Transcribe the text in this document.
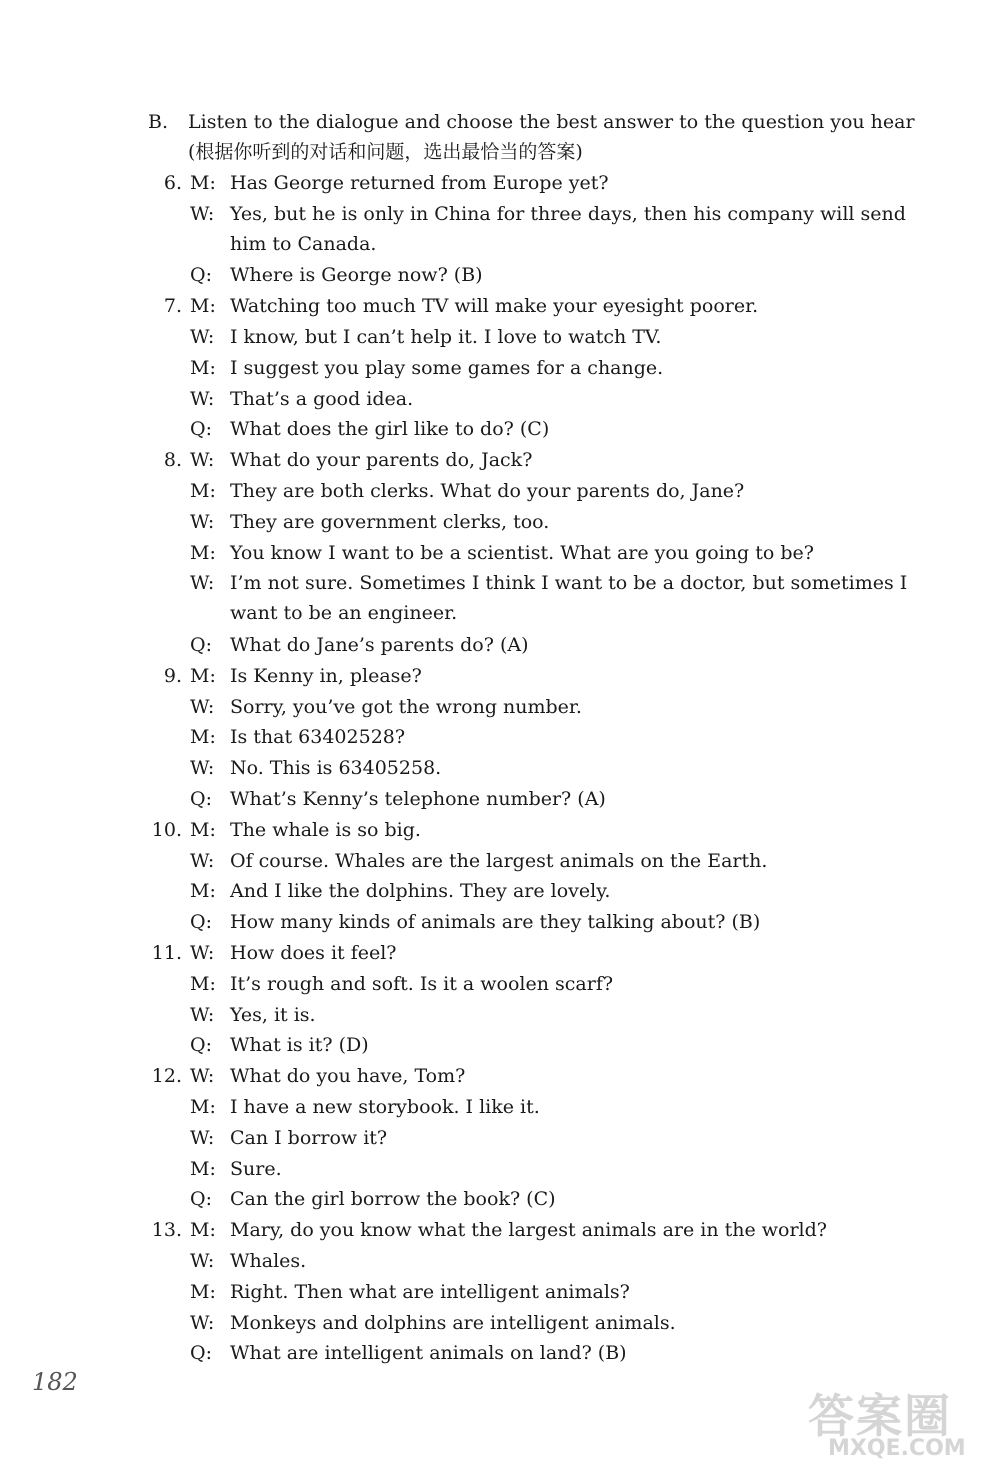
B.	Listen to the dialogue and choose the best answer to the question you hear (根据你听到的对话和问题，选出最恰当的答案)
6. M: Has George returned from Europe yet?
W: Yes, but he is only in China for three days, then his company will send him to Canada.
Q: Where is George now? (B)
7. M: Watching too much TV will make your eyesight poorer.
W: I know, but I can’t help it. I love to watch TV.
M: I suggest you play some games for a change.
W: That’s a good idea.
Q: What does the girl like to do? (C)
8. W: What do your parents do, Jack?
M: They are both clerks. What do your parents do, Jane?
W: They are government clerks, too.
M: You know I want to be a scientist. What are you going to be?
W: I’m not sure. Sometimes I think I want to be a doctor, but sometimes I want to be an engineer.
Q: What do Jane’s parents do? (A)
9. M: Is Kenny in, please?
W: Sorry, you’ve got the wrong number.
M: Is that 63402528?
W: No. This is 63405258.
Q: What’s Kenny’s telephone number? (A)
10. M: The whale is so big.
W: Of course. Whales are the largest animals on the Earth.
M: And I like the dolphins. They are lovely.
Q: How many kinds of animals are they talking about? (B)
11. W: How does it feel?
M: It’s rough and soft. Is it a woolen scarf?
W: Yes, it is.
Q: What is it? (D)
12. W: What do you have, Tom?
M: I have a new storybook. I like it.
W: Can I borrow it?
M: Sure.
Q: Can the girl borrow the book? (C)
13. M: Mary, do you know what the largest animals are in the world?
W: Whales.
M: Right. Then what are intelligent animals?
W: Monkeys and dolphins are intelligent animals.
Q: What are intelligent animals on land? (B)
182
答案圈
MXQE.COM
